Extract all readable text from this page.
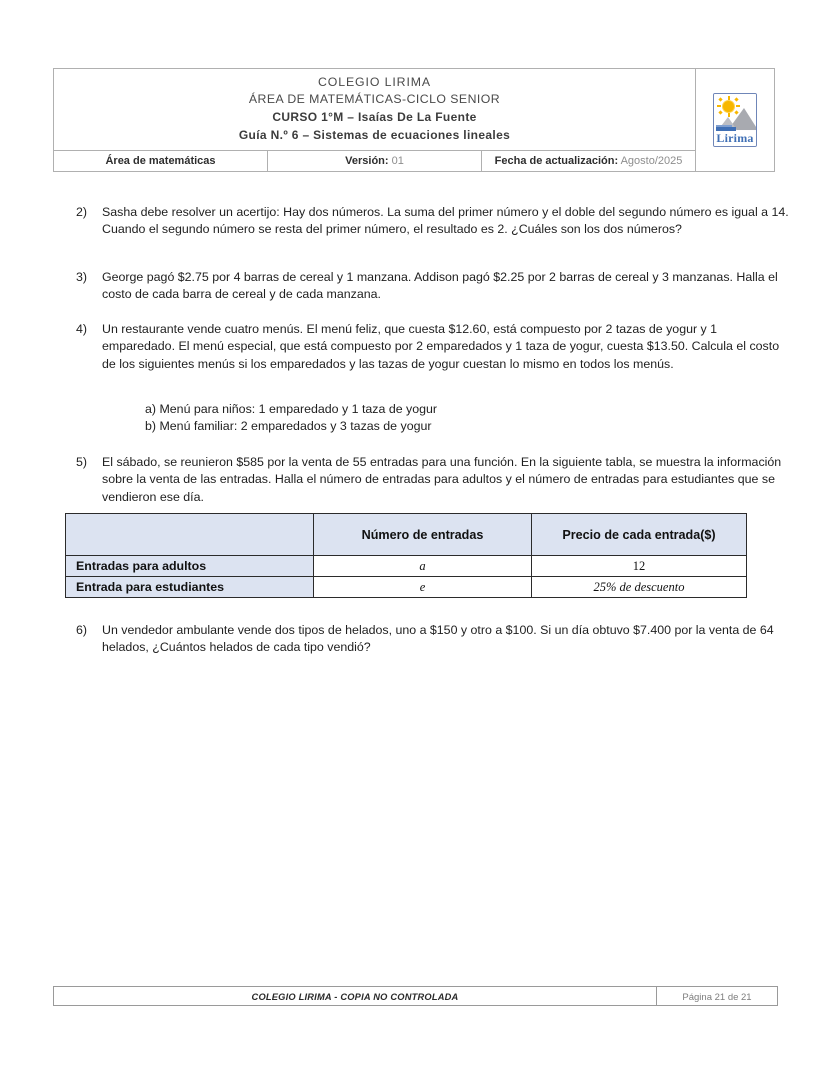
COLEGIO LIRIMA
ÁREA DE MATEMÁTICAS-CICLO SENIOR
CURSO 1°M – Isaías De La Fuente
Guía N.º 6 – Sistemas de ecuaciones lineales			Lirima

Área de matemáticas	Versión: 01	Fecha de actualización: Agosto/2025	
2)	Sasha debe resolver un acertijo: Hay dos números. La suma del primer número y el doble del segundo número es igual a 14. Cuando el segundo número se resta del primer número, el resultado es 2. ¿Cuáles son los dos números?
3)	George pagó $2.75 por 4 barras de cereal y 1 manzana. Addison pagó $2.25 por 2 barras de cereal y 3 manzanas. Halla el costo de cada barra de cereal y de cada manzana.
4)	Un restaurante vende cuatro menús. El menú feliz, que cuesta $12.60, está compuesto por 2 tazas de yogur y 1 emparedado. El menú especial, que está compuesto por 2 emparedados y 1 taza de yogur, cuesta $13.50. Calcula el costo de los siguientes menús si los emparedados y las tazas de yogur cuestan lo mismo en todos los menús.
a) Menú para niños: 1 emparedado y 1 taza de yogur
b) Menú familiar: 2 emparedados y 3 tazas de yogur
5)	El sábado, se reunieron $585 por la venta de 55 entradas para una función. En la siguiente tabla, se muestra la información sobre la venta de las entradas. Halla el número de entradas para adultos y el número de entradas para estudiantes que se vendieron ese día.
	Número de entradas	Precio de cada entrada($)
Entradas para adultos	a	12
Entrada para estudiantes	e	25% de descuento
6)	Un vendedor ambulante vende dos tipos de helados, uno a $150 y otro a $100. Si un día obtuvo $7.400 por la venta de 64 helados, ¿Cuántos helados de cada tipo vendió?
COLEGIO LIRIMA - COPIA NO CONTROLADA	Página 21 de 21
